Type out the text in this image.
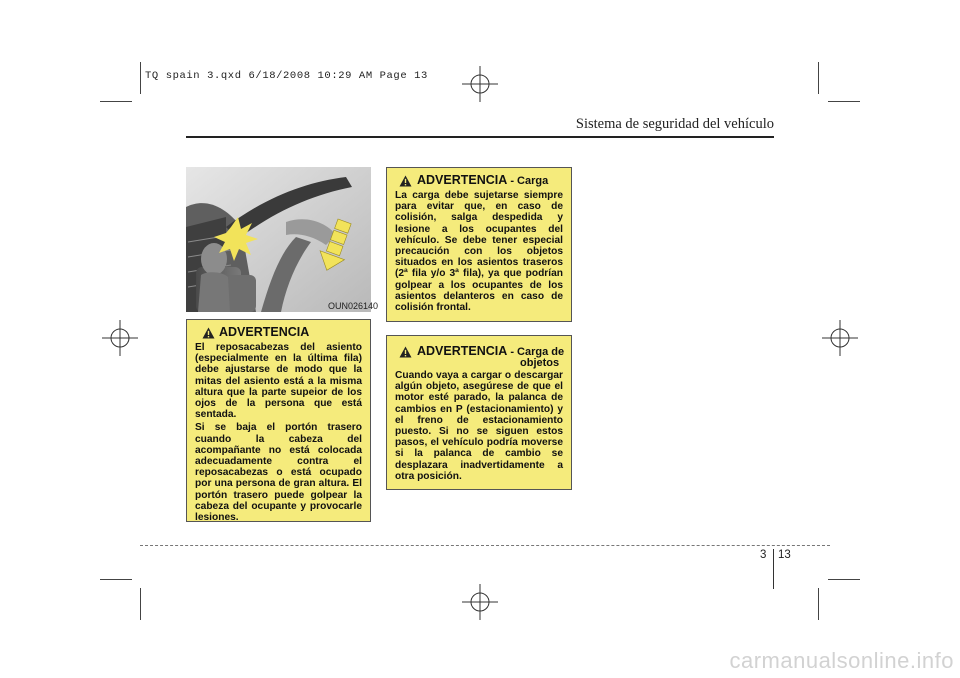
TQ spain 3.qxd 6/18/2008 10:29 AM Page 13
Sistema de seguridad del vehículo
OUN026140
ADVERTENCIA

El reposacabezas del asiento (especialmente en la última fila) debe ajustarse de modo que la mitas del asiento está a la misma altura que la parte supeior de los ojos de la persona que está sentada.

Si se baja el portón trasero cuando la cabeza del acompañante no está colocada adecuadamente contra el reposacabezas o está ocupado por una persona de gran altura. El portón trasero puede golpear la cabeza del ocupante y provocarle lesiones.

ADVERTENCIA - Carga

La carga debe sujetarse siempre para evitar que, en caso de colisión, salga despedida y lesione a los ocupantes del vehículo. Se debe tener especial precaución con los objetos situados en los asientos traseros (2ª fila y/o 3ª fila), ya que podrían golpear a los ocupantes de los asientos delanteros en caso de colisión frontal.

ADVERTENCIA - Carga de
objetos

Cuando vaya a cargar o descargar algún objeto, asegúrese de que el motor esté parado, la palanca de cambios en P (estacionamiento) y el freno de estacionamiento puesto. Si no se siguen estos pasos, el vehículo podría moverse si la palanca de cambio se desplazara inadvertidamente a otra posición.

3 13
carmanualsonline.info
